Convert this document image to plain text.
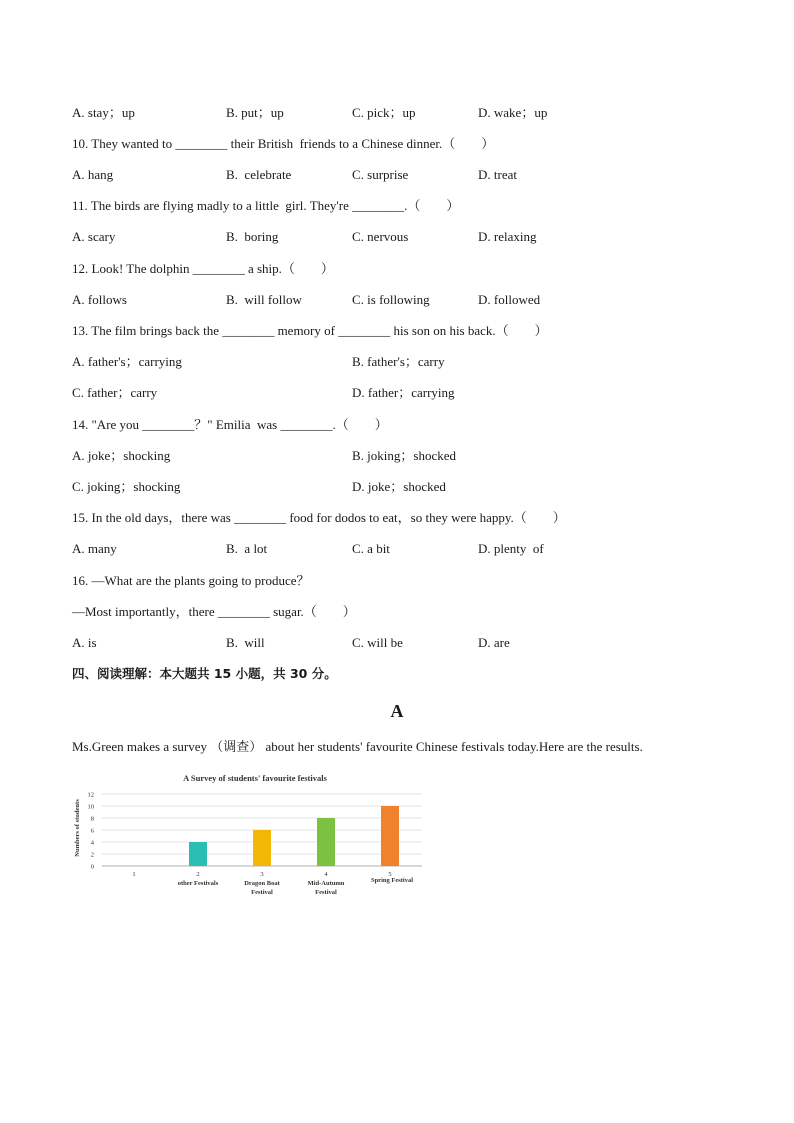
A. stay；up	B. put；up	C. pick；up	D. wake；up
10. They wanted to ________ their British  friends to a Chinese dinner.（        ）
A. hang	B.  celebrate	C. surprise	D. treat
11. The birds are flying madly to a little  girl. They're ________.（        ）
A. scary	B.  boring	C. nervous	D. relaxing
12. Look! The dolphin ________ a ship.（        ）
A. follows	B.  will follow	C. is following	D. followed
13. The film brings back the ________ memory of ________ his son on his back.（        ）
A. father's；carrying	B. father's；carry
C. father；carry	D. father；carrying
14. "Are you ________？" Emilia  was ________.（        ）
A. joke；shocking	B. joking；shocked
C. joking；shocking	D. joke；shocked
15. In the old days，there was ________ food for dodos to eat，so they were happy.（        ）
A. many	B.  a lot	C. a bit	D. plenty  of
16. —What are the plants going to produce？
—Most importantly，there ________ sugar.（        ）
A. is	B.  will	C. will be	D. are
四、阅读理解：本大题共 15 小题，共 30 分。
A
Ms.Green makes a survey （调查） about her students' favourite Chinese festivals today.Here are the results.
A Survey of students' favourite festivals
Numbers of students
0
2
4
6
8
10
12
1	2
other Festivals
3
Dragon Boat
Festival
4
Mid-Autumn
Festival
5
Spring Festival
